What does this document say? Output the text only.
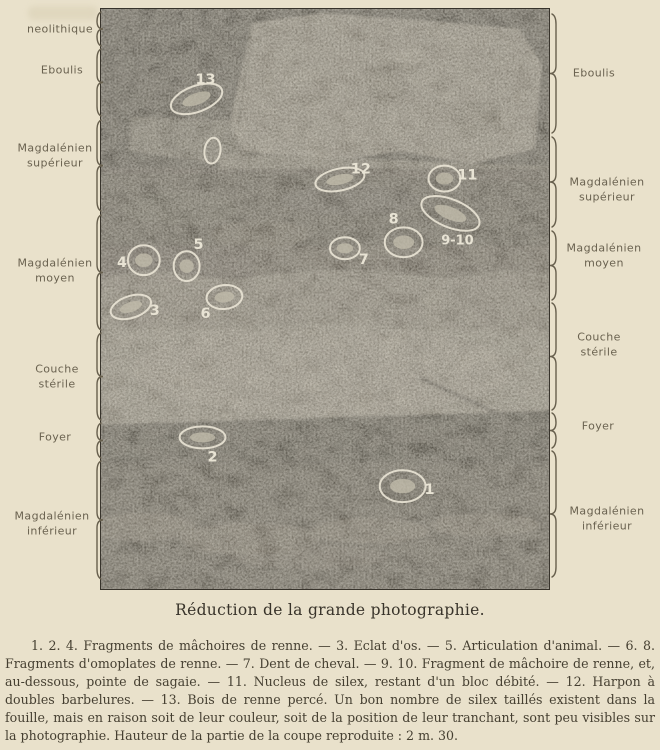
13
12	11
8
9-10
7
5
4
3	6
2
1
neolithique
Eboulis
Magdalénien
supérieur
Magdalénien
moyen
Couche
stérile
Foyer
Magdalénien
inférieur
Eboulis
Magdalénien
supérieur
Magdalénien
moyen
Couche
stérile
Foyer
Magdalénien
inférieur
Réduction de la grande photographie.
1. 2. 4. Fragments de mâchoires de renne. — 3. Eclat d'os. — 5. Articulation d'animal. — 6. 8. Fragments d'omoplates de renne. — 7. Dent de cheval. — 9. 10. Fragment de mâchoire de renne, et, au-dessous, pointe de sagaie. — 11. Nucleus de silex, restant d'un bloc débité. — 12. Harpon à doubles barbelures. — 13. Bois de renne percé. Un bon nombre de silex taillés existent dans la fouille, mais en raison soit de leur couleur, soit de la position de leur tranchant, sont peu visibles sur la photographie. Hauteur de la partie de la coupe reproduite : 2 m. 30.
